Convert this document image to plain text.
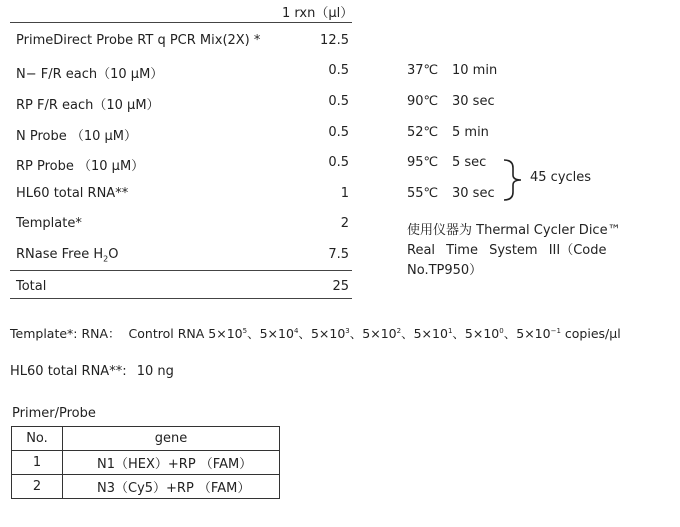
1 rxn（μl）
PrimeDirect Probe RT q PCR Mix(2X) *	12.5
N− F/R each（10 μM）	0.5
RP F/R each（10 μM）	0.5
N Probe （10 μM）	0.5
RP Probe （10 μM）	0.5
HL60 total RNA**	1
Template*	2
RNase Free $H_2O$	7.5
Total	25
37℃ 10 min
90℃ 30 sec
52℃ 5 min
95℃ 5 sec
55℃ 30 sec
45 cycles
使用仪器为 Thermal Cycler Dice™
Real Time System III（Code
No.TP950）
Template*: RNA： Control RNA $5\times 10^5$、$5\times 10^4$、$5\times 10^3$、$5\times 10^2$、$5\times 10^1$、$5\times 10^0$、$5\times 10^{-1}$ copies/μl
HL60 total RNA**: 10 ng
Primer/Probe
No.	gene
1	N1（HEX）+RP （FAM）
2	N3（Cy5）+RP （FAM）
